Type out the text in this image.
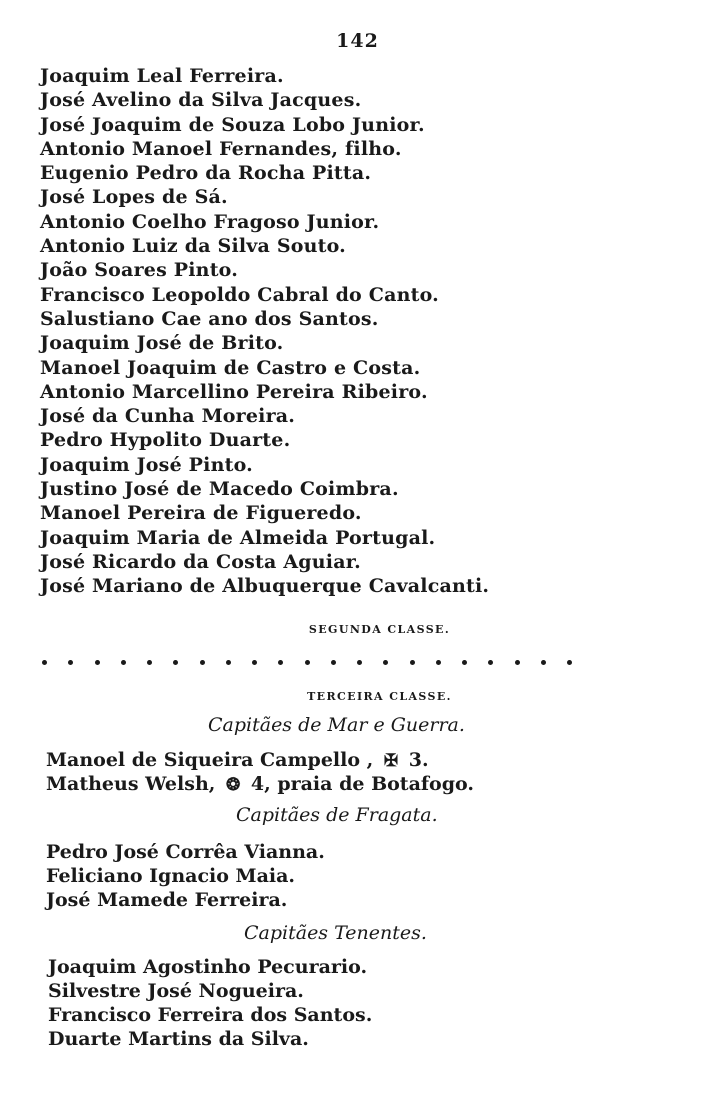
142
Joaquim Leal Ferreira.
José Avelino da Silva Jacques.
José Joaquim de Souza Lobo Junior.
Antonio Manoel Fernandes, filho.
Eugenio Pedro da Rocha Pitta.
José Lopes de Sá.
Antonio Coelho Fragoso Junior.
Antonio Luiz da Silva Souto.
João Soares Pinto.
Francisco Leopoldo Cabral do Canto.
Salustiano Cae ano dos Santos.
Joaquim José de Brito.
Manoel Joaquim de Castro e Costa.
Antonio Marcellino Pereira Ribeiro.
José da Cunha Moreira.
Pedro Hypolito Duarte.
Joaquim José Pinto.
Justino José de Macedo Coimbra.
Manoel Pereira de Figueredo.
Joaquim Maria de Almeida Portugal.
José Ricardo da Costa Aguiar.
José Mariano de Albuquerque Cavalcanti.
SEGUNDA CLASSE.
TERCEIRA CLASSE.
Capitães de Mar e Guerra.
Manoel de Siqueira Campello , ✠ 3.
Matheus Welsh, ❂ 4, praia de Botafogo.
Capitães de Fragata.
Pedro José Corrêa Vianna.
Feliciano Ignacio Maia.
José Mamede Ferreira.
Capitães Tenentes.
Joaquim Agostinho Pecurario.
Silvestre José Nogueira.
Francisco Ferreira dos Santos.
Duarte Martins da Silva.
